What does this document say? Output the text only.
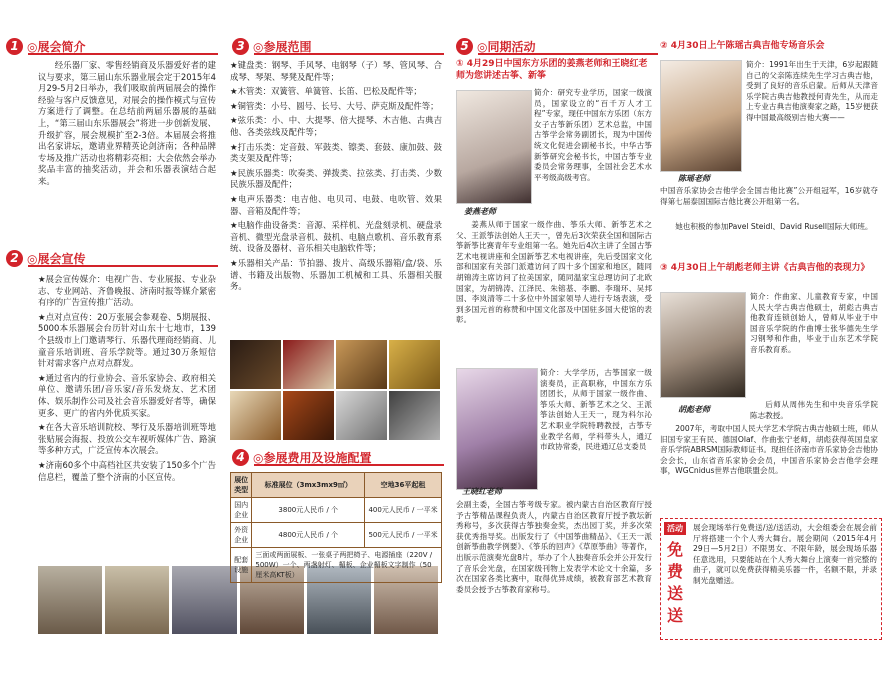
1 ◎展会简介

经乐器厂家、零售经销商及乐器爱好者的建议与要求，第三届山东乐器业展会定于2015年4月29-5月2日举办，我们吸取前两届展会的操作经验与客户反馈意见，对展会的操作模式与宣传方案进行了调整。在总结前两届乐器展的基础上，“第三届山东乐器展会”将进一步创新发展、升级扩容，展会规模扩至2-3倍。本届展会将推出名家讲坛，邀请业界精英论剑济南；各种品牌专场及推广活动也将精彩亮相；大会依然会举办奖品丰富的抽奖活动，并会和乐器表演结合起来。

2 ◎展会宣传

★展会宣传媒介：电视广告、专业展报、专业杂志、专业网站、齐鲁晚报、济南时报等媒介紧密有序的广告宣传推广活动。

★点对点宣传：20万张展会参观卷、5期展报、5000本乐器展会台历针对山东十七地市，139个县级市上门邀请琴行、乐器代理商经销商、儿童音乐培训班、音乐学院等。通过30万条短信针对需求客户点对点群发。

★通过省内的行业协会、音乐家协会、政府相关单位、邀请乐团/音乐家/音乐发烧友、艺术团体、娱乐制作公司及社会音乐器爱好者等，确保更多、更广的省内外优质买家。

★在各大音乐培训院校、琴行及乐器培训班等地张贴展会海报、投放公交车视听媒体广告、路演等多种方式，广泛宣传本次展会。

★济南60多个中高档社区共安装了150多个广告信息栏，覆盖了整个济南的小区宣传。

3 ◎参展范围

★键盘类：钢琴、手风琴、电钢琴（子）琴、管风琴、合成琴、琴架、琴凳及配件等；

★木管类：双簧管、单簧管、长笛、巴松及配件等；

★铜管类：小号、圆号、长号、大号、萨克斯及配件等；

★弦乐类：小、中、大提琴、倍大提琴、木吉他、古典吉他、各类弦线及配件等；

★打击乐类：定音鼓、军鼓类、镲类、套鼓、康加鼓、鼓类支架及配件等；

★民族乐器类：吹奏类、弹拨类、拉弦类、打击类、少数民族乐器及配件；

★电声乐器类：电吉他、电贝司、电鼓、电吹管、效果器、音箱及配件等；

★电脑作曲设备类：音源、采样机、光盘刻录机、硬盘录音机、微型光盘录音机、鼓机、电脑点歌机、音乐教育系统、设备及器材、音乐相关电脑软件等；

★乐器相关产品：节拍器、拨片、高级乐器箱/盒/袋、乐谱、书籍及出版物、乐器加工机械和工具、乐器相关服务。

4 ◎参展费用及设施配置
展位类型	标准展位（3mx3mx9㎡）	空地36平起租
国内企业	3800元人民币 / 个	400元人民币 / 一平米
外资企业	4800元人民币 / 个	500元人民币 / 一平米
配套设施	三面或两面展板、一张桌子两把椅子、电源插座（220V / 500W）一个、两盏射灯、楣板、企业楣板文字制作（50厘米高KT板）	
5 ◎同期活动
① 4月29日中国东方乐团的姜燕老师和王晓红老师为您讲述古筝、新筝
姜燕老师
简介：研究专业学历，国家一级演员，国家设立的“百千万人才工程”专家，现任中国东方乐团（东方女子古筝新乐团）艺术总监，中国古筝学会常务副团长，现为中国传统文化促进会副秘书长，中华古筝新筝研究会秘书长，中国古筝专业委员会常务理事，全国社会艺术水平考级高级考官。
姜燕从师于国家一级作曲、筝乐大师、新筝艺术之父、王派筝法创始人王天一，曾先后3次荣获全国和国际古筝新筝比赛青年专业组第一名。她先后4次主讲了全国古筝艺术电视讲座和全国新筝艺术电视讲座，先后受国家文化部和国家有关部门派遣访问了四十多个国家和地区，随同胡锦涛主席访问了拉美国家，随同温家宝总理访问了北欧国家，为胡锦涛、江泽民、朱镕基、李鹏、李瑞环、吴邦国、李岚清等二十多位中外国家领导人进行专场表演，受到多国元首的称赞和中国文化部及中国驻多国大使馆的表彰。
王晓红老师
简介：大学学历，古筝国家一级演奏员，正高职称，中国东方乐团团长，从师于国家一级作曲、筝乐大师、新筝艺术之父、王派筝法创始人王天一，现为科尔沁艺术职业学院特聘教授，古筝专业教学名师，学科带头人，通辽市政协常委，民进通辽总支委员
会副主委，全国古筝考级专家。被内蒙古自治区教育厅授予古筝精品课程负责人，内蒙古自治区教育厅授予教坛新秀称号，多次获得古筝独奏金奖，杰出园丁奖，并多次荣获优秀指导奖。出版发行了《中国筝曲精品》、《王天一派创新筝曲教学例要》、《筝乐的回声》《草原筝曲》等著作，出版示范演奏光盘8片，举办了个人独奏音乐会并公开发行了音乐会光盘，在国家级刊物上发表学术论文十余篇，多次在国家各类比赛中，取得优异成绩，被教育部艺术教育委员会授予古筝教育家称号。
② 4月30日上午陈瑶古典吉他专场音乐会
陈瑶老师
简介：1991年出生于天津，6岁起跟随自己的父亲陈连续先生学习古典吉他，受到了良好的音乐启蒙。后师从天津音乐学院古典吉他教授何青先生，从而走上专业古典吉他演奏家之路，15岁便获得中国最高级别吉他大赛——
中国音乐家协会吉他学会全国吉他比赛”公开组冠军，16岁就夺得第七届泰国国际吉他比赛公开组第一名。
她也积极的参加Pavel Steidl、David Rusell国际大师班。
③ 4月30日上午胡彪老师主讲《古典吉他的表现力》
胡彪老师
简介：作曲家、儿童教育专家，中国人民大学古典吉他硕士，胡彪古典吉他教育连锁创始人，曾师从毕业于中国音乐学院的作曲博士张华德先生学习钢琴和作曲，毕业于山东艺术学院音乐教育系。
后师从周伟先生和中央音乐学院陈志教授。
2007年，考取中国人民大学艺术学院古典吉他硕士班，师从旧国专家王有民、德国Olaf、作曲张宁老师，胡彪获得英国皇家音乐学院ABRSM国际教师证书。现担任济南市音乐家协会吉他协会会长，山东省音乐家协会会员，中国音乐家协会吉他学会理事，WGCnidus世界吉他联盟会员。
活动
免费送送
展会现场举行免费送/送/送活动，大会组委会在展会前厅将搭建一个个人秀大舞台。展会期间（2015年4月29日—5月2日）不限男女、不限年龄，展会现场乐器任意选用，只要能站在个人秀大舞台上演奏一首完整的曲子，就可以免费获得精美乐器一件，名额不限，并录制光盘赠送。
